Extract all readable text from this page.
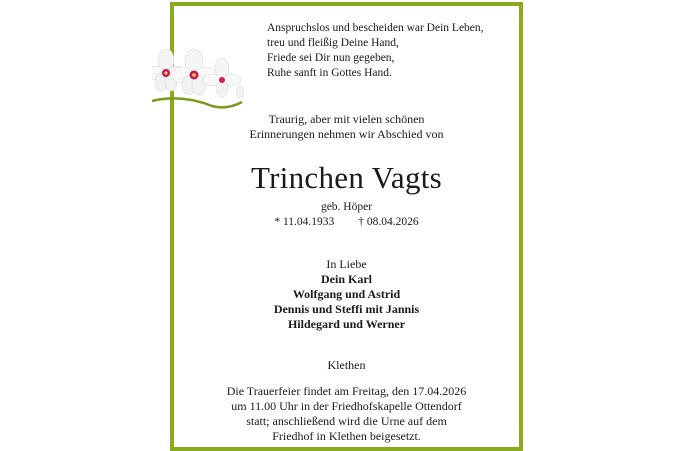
Anspruchslos und bescheiden war Dein Leben,
treu und fleißig Deine Hand,
Friede sei Dir nun gegeben,
Ruhe sanft in Gottes Hand.
Traurig, aber mit vielen schönen
Erinnerungen nehmen wir Abschied von
Trinchen Vagts
geb. Höper
* 11.04.1933 † 08.04.2026
In Liebe
Dein Karl
Wolfgang und Astrid
Dennis und Steffi mit Jannis
Hildegard und Werner
Klethen
Die Trauerfeier findet am Freitag, den 17.04.2026
um 11.00 Uhr in der Friedhofskapelle Ottendorf
statt; anschließend wird die Urne auf dem
Friedhof in Klethen beigesetzt.
